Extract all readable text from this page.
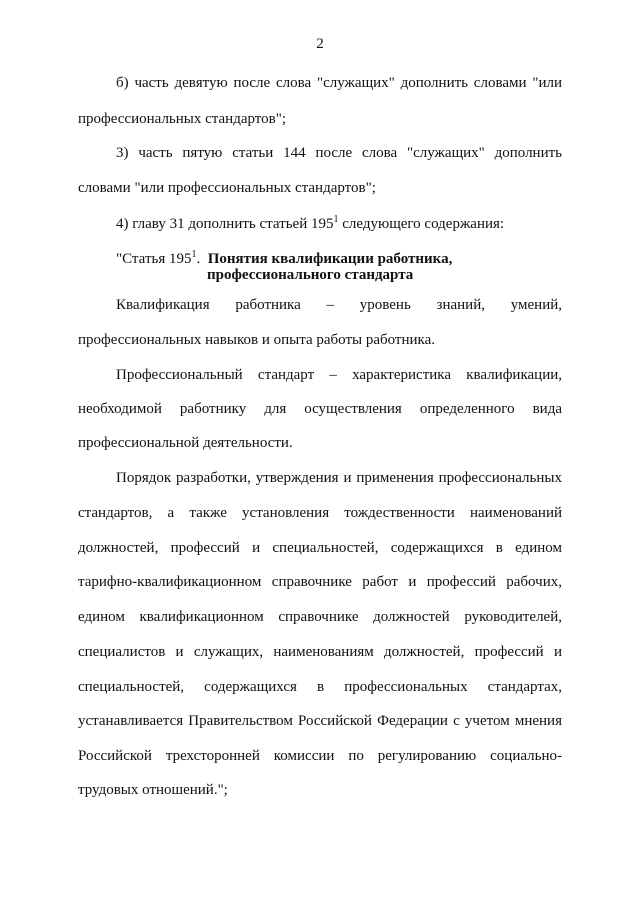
2
б) часть девятую после слова "служащих" дополнить словами "или
профессиональных стандартов";
3) часть пятую статьи 144 после слова "служащих" дополнить
словами "или профессиональных стандартов";
4) главу 31 дополнить статьей $195^1$ следующего содержания:
"Статья $195^1$. Понятия квалификации работника,
профессионального стандарта
Квалификация работника – уровень знаний, умений,
профессиональных навыков и опыта работы работника.
Профессиональный стандарт – характеристика квалификации,
необходимой работнику для осуществления определенного вида
профессиональной деятельности.
Порядок разработки, утверждения и применения профессиональных
стандартов, а также установления тождественности наименований
должностей, профессий и специальностей, содержащихся в едином
тарифно-квалификационном справочнике работ и профессий рабочих,
едином квалификационном справочнике должностей руководителей,
специалистов и служащих, наименованиям должностей, профессий и
специальностей, содержащихся в профессиональных стандартах,
устанавливается Правительством Российской Федерации с учетом мнения
Российской трехсторонней комиссии по регулированию социально-
трудовых отношений.";
